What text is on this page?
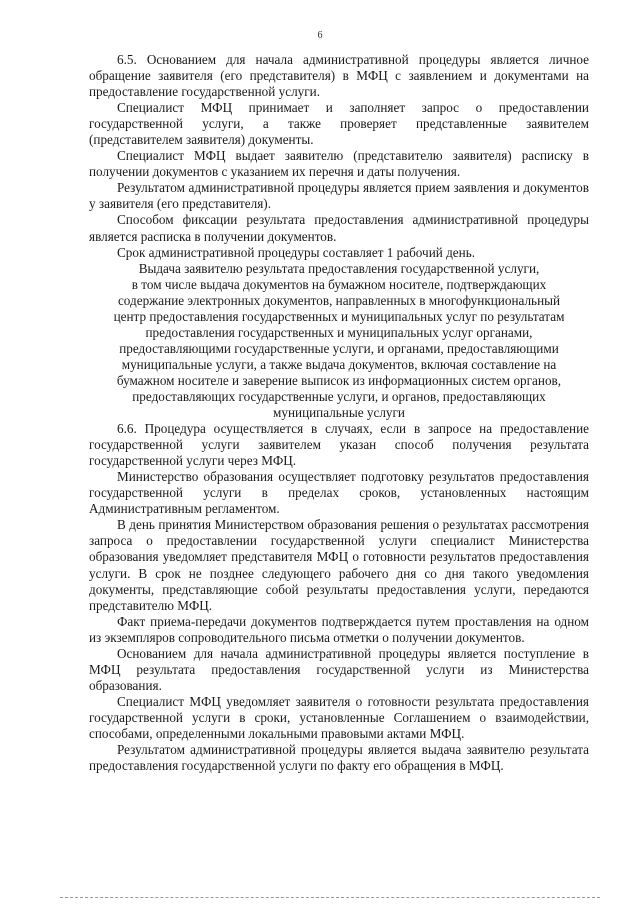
6

6.5. Основанием для начала административной процедуры является личное обращение заявителя (его представителя) в МФЦ с заявлением и документами на предоставление государственной услуги.

Специалист МФЦ принимает и заполняет запрос о предоставлении государственной услуги, а также проверяет представленные заявителем (представителем заявителя) документы.

Специалист МФЦ выдает заявителю (представителю заявителя) расписку в получении документов с указанием их перечня и даты получения.

Результатом административной процедуры является прием заявления и документов у заявителя (его представителя).

Способом фиксации результата предоставления административной процедуры является расписка в получении документов.

Срок административной процедуры составляет 1 рабочий день.

Выдача заявителю результата предоставления государственной услуги,

в том числе выдача документов на бумажном носителе, подтверждающих

содержание электронных документов, направленных в многофункциональный

центр предоставления государственных и муниципальных услуг по результатам

предоставления государственных и муниципальных услуг органами,

предоставляющими государственные услуги, и органами, предоставляющими

муниципальные услуги, а также выдача документов, включая составление на

бумажном носителе и заверение выписок из информационных систем органов,

предоставляющих государственные услуги, и органов, предоставляющих

муниципальные услуги

6.6. Процедура осуществляется в случаях, если в запросе на предоставление государственной услуги заявителем указан способ получения результата государственной услуги через МФЦ.

Министерство образования осуществляет подготовку результатов предоставления государственной услуги в пределах сроков, установленных настоящим Административным регламентом.

В день принятия Министерством образования решения о результатах рассмотрения запроса о предоставлении государственной услуги специалист Министерства образования уведомляет представителя МФЦ о готовности результатов предоставления услуги. В срок не позднее следующего рабочего дня со дня такого уведомления документы, представляющие собой результаты предоставления услуги, передаются представителю МФЦ.

Факт приема-передачи документов подтверждается путем проставления на одном из экземпляров сопроводительного письма отметки о получении документов.

Основанием для начала административной процедуры является поступление в МФЦ результата предоставления государственной услуги из Министерства образования.

Специалист МФЦ уведомляет заявителя о готовности результата предоставления государственной услуги в сроки, установленные Соглашением о взаимодействии, способами, определенными локальными правовыми актами МФЦ.

Результатом административной процедуры является выдача заявителю результата предоставления государственной услуги по факту его обращения в МФЦ.
